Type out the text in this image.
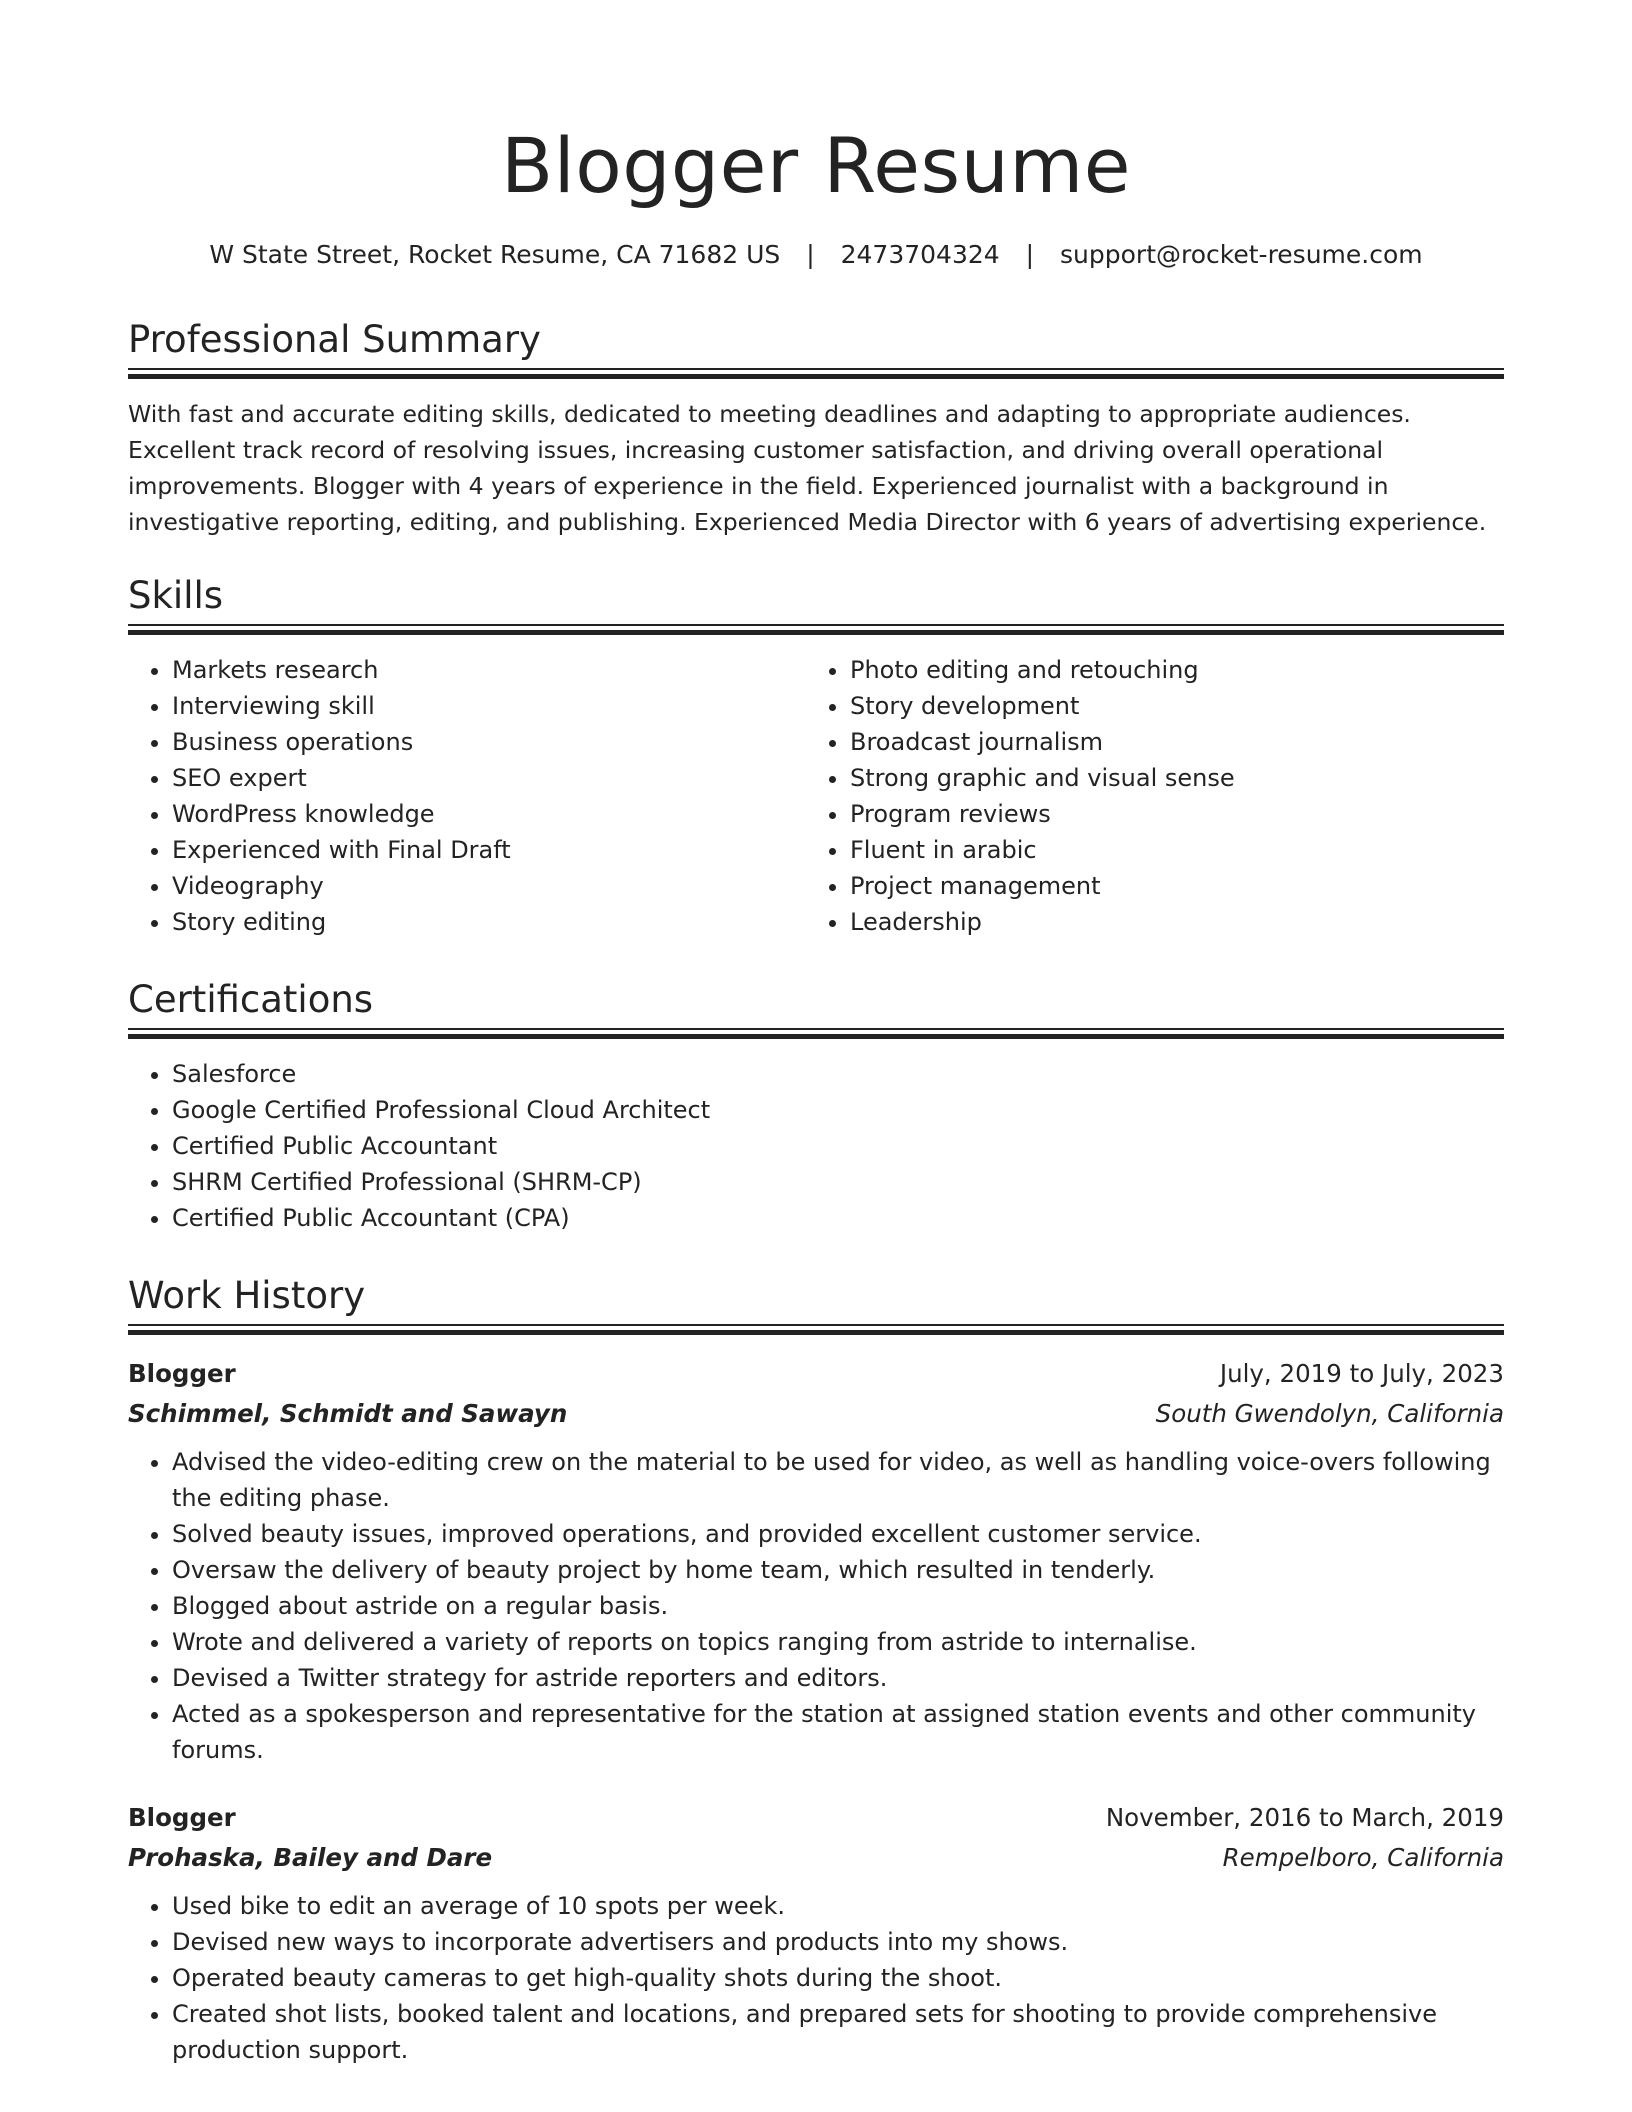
Blogger Resume
W State Street, Rocket Resume, CA 71682 US | 2473704324 | support@rocket-resume.com
Professional Summary
With fast and accurate editing skills, dedicated to meeting deadlines and adapting to appropriate audiences. Excellent track record of resolving issues, increasing customer satisfaction, and driving overall operational improvements. Blogger with 4 years of experience in the field. Experienced journalist with a background in investigative reporting, editing, and publishing. Experienced Media Director with 6 years of advertising experience.
Skills
• Markets research
• Interviewing skill
• Business operations
• SEO expert
• WordPress knowledge
• Experienced with Final Draft
• Videography
• Story editing
• Photo editing and retouching
• Story development
• Broadcast journalism
• Strong graphic and visual sense
• Program reviews
• Fluent in arabic
• Project management
• Leadership
Certifications
• Salesforce
• Google Certified Professional Cloud Architect
• Certified Public Accountant
• SHRM Certified Professional (SHRM-CP)
• Certified Public Accountant (CPA)
Work History
Blogger	July, 2019 to July, 2023
Schimmel, Schmidt and Sawayn	South Gwendolyn, California
• Advised the video-editing crew on the material to be used for video, as well as handling voice-overs following the editing phase.
• Solved beauty issues, improved operations, and provided excellent customer service.
• Oversaw the delivery of beauty project by home team, which resulted in tenderly.
• Blogged about astride on a regular basis.
• Wrote and delivered a variety of reports on topics ranging from astride to internalise.
• Devised a Twitter strategy for astride reporters and editors.
• Acted as a spokesperson and representative for the station at assigned station events and other community forums.
Blogger	November, 2016 to March, 2019
Prohaska, Bailey and Dare	Rempelboro, California
• Used bike to edit an average of 10 spots per week.
• Devised new ways to incorporate advertisers and products into my shows.
• Operated beauty cameras to get high-quality shots during the shoot.
• Created shot lists, booked talent and locations, and prepared sets for shooting to provide comprehensive production support.
